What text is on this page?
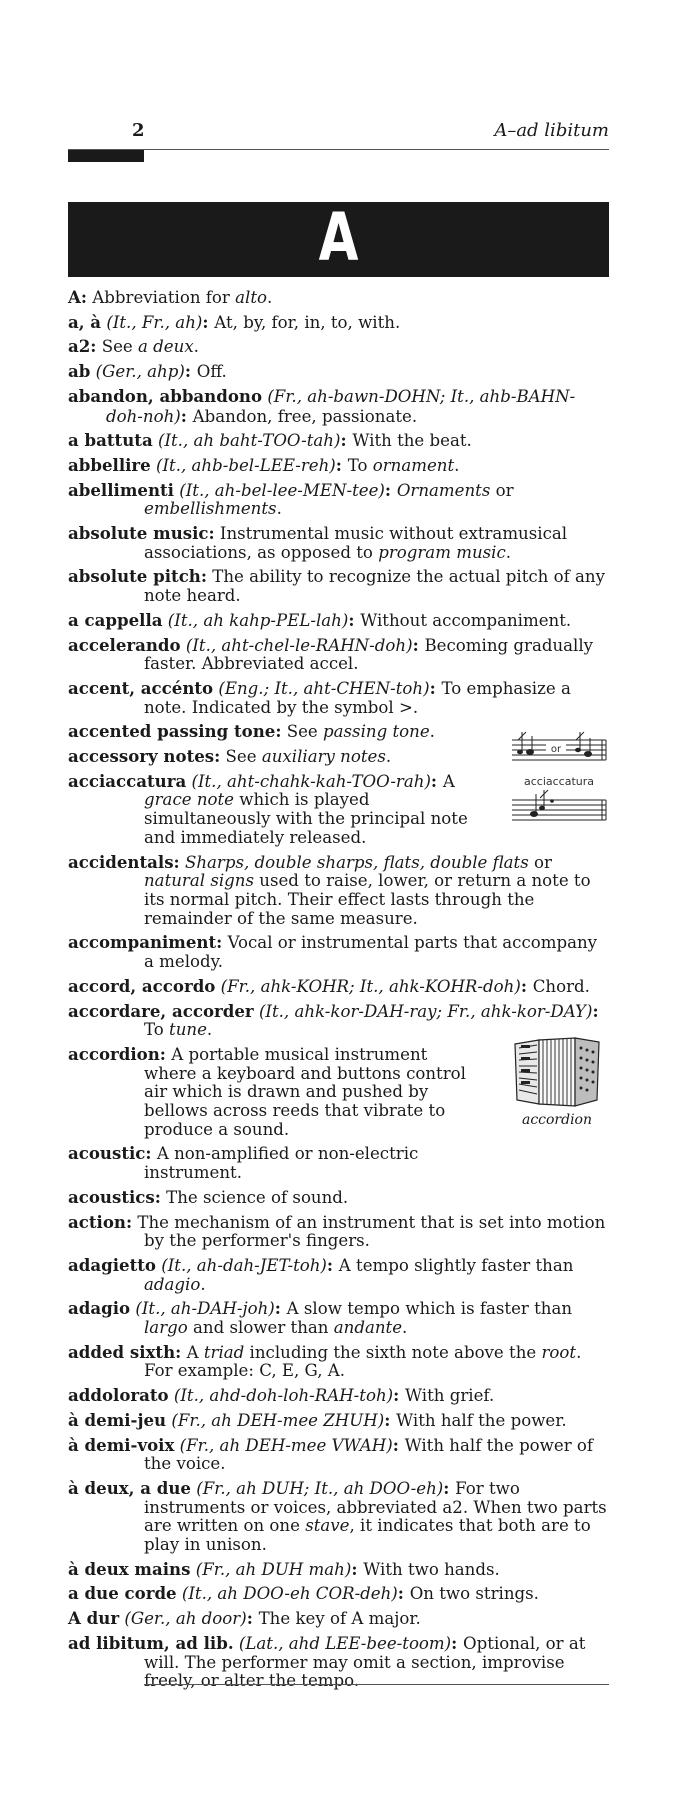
2	A–ad libitum
A

A: Abbreviation for alto.

a, à (It., Fr., ah): At, by, for, in, to, with.

a2: See a deux.

ab (Ger., ahp): Off.

abandon, abbandono (Fr., ah-bawn-DOHN; It., ahb-BAHN-doh-noh): Abandon, free, passionate.

a battuta (It., ah baht-TOO-tah): With the beat.

abbellire (It., ahb-bel-LEE-reh): To ornament.

abellimenti (It., ah-bel-lee-MEN-tee): Ornaments or embellishments.

absolute music: Instrumental music without extramusical associations, as opposed to program music.

absolute pitch: The ability to recognize the actual pitch of any note heard.

a cappella (It., ah kahp-PEL-lah): Without accompaniment.

accelerando (It., aht-chel-le-RAHN-doh): Becoming gradually faster. Abbreviated accel.

accent, accénto (Eng.; It., aht-CHEN-toh): To emphasize a note. Indicated by the symbol >.

accented passing tone: See passing tone.

accessory notes: See auxiliary notes.

acciaccatura (It., aht-chahk-kah-TOO-rah): A grace note which is played simultaneously with the principal note and immediately released.

accidentals: Sharps, double sharps, flats, double flats or natural signs used to raise, lower, or return a note to its normal pitch. Their effect lasts through the remainder of the same measure.

accompaniment: Vocal or instrumental parts that accompany a melody.

accord, accordo (Fr., ahk-KOHR; It., ahk-KOHR-doh): Chord.

accordare, accorder (It., ahk-kor-DAH-ray; Fr., ahk-kor-DAY): To tune.

accordion: A portable musical instrument where a keyboard and buttons control air which is drawn and pushed by bellows across reeds that vibrate to produce a sound.

acoustic: A non-amplified or non-electric instrument.

acoustics: The science of sound.

action: The mechanism of an instrument that is set into motion by the performer's fingers.

adagietto (It., ah-dah-JET-toh): A tempo slightly faster than adagio.

adagio (It., ah-DAH-joh): A slow tempo which is faster than largo and slower than andante.

added sixth: A triad including the sixth note above the root. For example: C, E, G, A.

addolorato (It., ahd-doh-loh-RAH-toh): With grief.

à demi-jeu (Fr., ah DEH-mee ZHUH): With half the power.

à demi-voix (Fr., ah DEH-mee VWAH): With half the power of the voice.

à deux, a due (Fr., ah DUH; It., ah DOO-eh): For two instruments or voices, abbreviated a2. When two parts are written on one stave, it indicates that both are to play in unison.

à deux mains (Fr., ah DUH mah): With two hands.

a due corde (It., ah DOO-eh COR-deh): On two strings.

A dur (Ger., ah door): The key of A major.

ad libitum, ad lib. (Lat., ahd LEE-bee-toom): Optional, or at will. The performer may omit a section, improvise freely, or alter the tempo.

or
acciaccatura
accordion
